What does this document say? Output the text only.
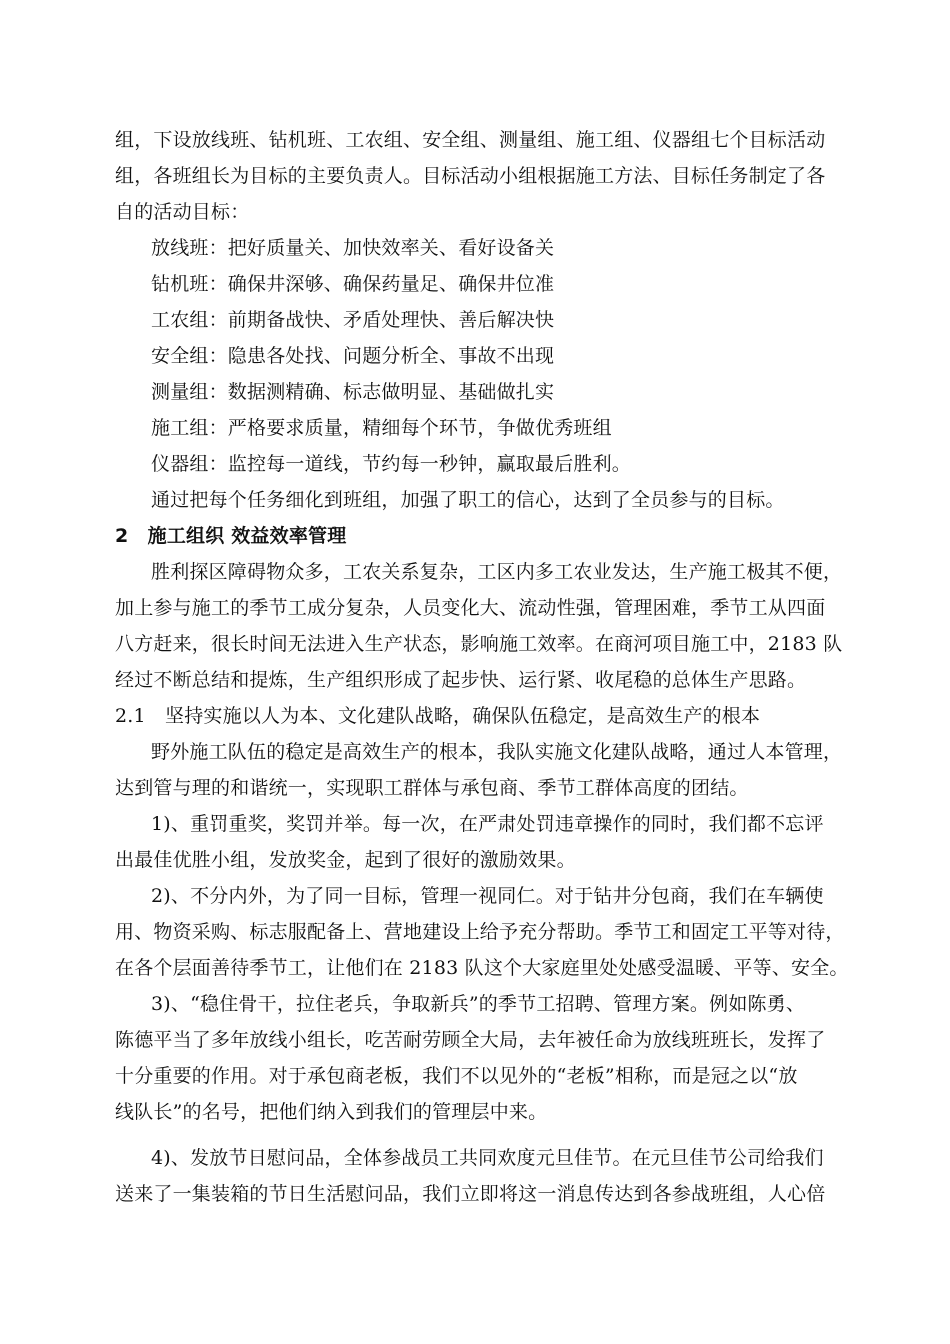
组，下设放线班、钻机班、工农组、安全组、测量组、施工组、仪器组七个目标活动
组，各班组长为目标的主要负责人。目标活动小组根据施工方法、目标任务制定了各
自的活动目标：
放线班：把好质量关、加快效率关、看好设备关
钻机班：确保井深够、确保药量足、确保井位准
工农组：前期备战快、矛盾处理快、善后解决快
安全组：隐患各处找、问题分析全、事故不出现
测量组：数据测精确、标志做明显、基础做扎实
施工组：严格要求质量，精细每个环节，争做优秀班组
仪器组：监控每一道线，节约每一秒钟，赢取最后胜利。
通过把每个任务细化到班组，加强了职工的信心，达到了全员参与的目标。
2　施工组织 效益效率管理
胜利探区障碍物众多，工农关系复杂，工区内多工农业发达，生产施工极其不便，
加上参与施工的季节工成分复杂，人员变化大、流动性强，管理困难，季节工从四面
八方赶来，很长时间无法进入生产状态，影响施工效率。在商河项目施工中，2183 队
经过不断总结和提炼，生产组织形成了起步快、运行紧、收尾稳的总体生产思路。
2.1　坚持实施以人为本、文化建队战略，确保队伍稳定，是高效生产的根本
野外施工队伍的稳定是高效生产的根本，我队实施文化建队战略，通过人本管理，
达到管与理的和谐统一，实现职工群体与承包商、季节工群体高度的团结。
1)、重罚重奖，奖罚并举。每一次，在严肃处罚违章操作的同时，我们都不忘评
出最佳优胜小组，发放奖金，起到了很好的激励效果。
2)、不分内外，为了同一目标，管理一视同仁。对于钻井分包商，我们在车辆使
用、物资采购、标志服配备上、营地建设上给予充分帮助。季节工和固定工平等对待，
在各个层面善待季节工，让他们在 2183 队这个大家庭里处处感受温暖、平等、安全。
3)、“稳住骨干，拉住老兵，争取新兵”的季节工招聘、管理方案。例如陈勇、
陈德平当了多年放线小组长，吃苦耐劳顾全大局，去年被任命为放线班班长，发挥了
十分重要的作用。对于承包商老板，我们不以见外的“老板”相称，而是冠之以“放
线队长”的名号，把他们纳入到我们的管理层中来。
4)、发放节日慰问品，全体参战员工共同欢度元旦佳节。在元旦佳节公司给我们
送来了一集装箱的节日生活慰问品，我们立即将这一消息传达到各参战班组，人心倍
